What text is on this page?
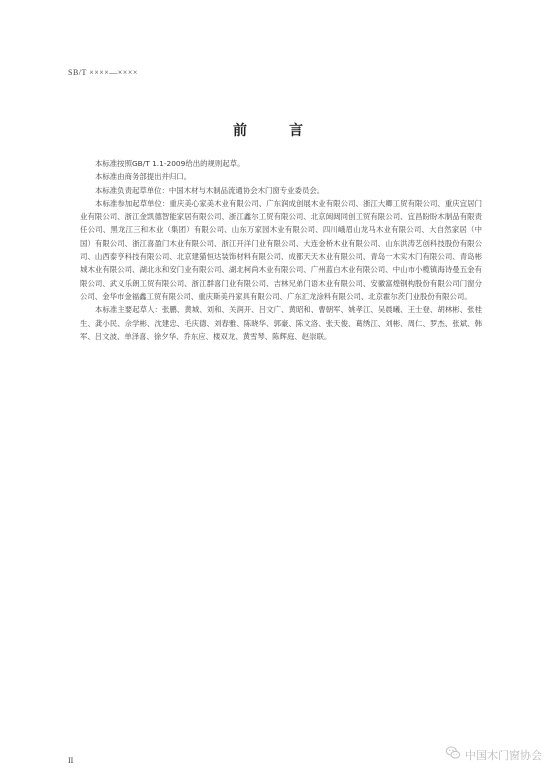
SB/T ××××—××××
前　言

本标准按照GB/T 1.1-2009给出的规则起草。

本标准由商务部提出并归口。

本标准负责起草单位：中国木材与木制品流通协会木门窗专业委员会。

本标准参加起草单位：重庆美心家美木业有限公司、广东润成创展木业有限公司、浙江大卿工贸有限公司、重庆宜居门业有限公司、浙江金凯德智能家居有限公司、浙江鑫尔工贸有限公司、北京闼闼同创工贸有限公司、宜昌盼盼木制品有限责任公司、黑龙江三和木业（集团）有限公司、山东万家园木业有限公司、四川峨眉山龙马木业有限公司、大自然家居（中国）有限公司、浙江喜盈门木业有限公司、浙江开洋门业有限公司、大连金桥木业有限公司、山东洪涛艺创科技股份有限公司、山西泰亨科技有限公司、北京建猫恒达装饰材料有限公司、成都天天木业有限公司、青岛一木实木门有限公司、青岛彬城木业有限公司、湖北永和安门业有限公司、湖北柯尚木业有限公司、广州蓝白木业有限公司、中山市小榄镇海诗曼五金有限公司、武义乐朗工贸有限公司、浙江群喜门业有限公司、吉林兄弟门语木业有限公司、安徽富煌钢构股份有限公司门窗分公司、金华市金福鑫工贸有限公司、重庆斯美丹家具有限公司、广东汇龙涂料有限公司、北京霍尔茨门业股份有限公司。

本标准主要起草人：张鹏、黄城、刘和、关润开、吕文广、黄昭和、曹朝军、姚孝江、吴晨曦、王士登、胡林彬、张桂生、龚小民、佘学彬、沈建忠、毛庆德、刘春雅、陈晓华、郭豪、陈文洛、张天俊、葛绣江、刘彬、周仁、罗杰、张斌、韩军、吕文波、单泽喜、徐夕华、乔东应、楼双龙、黄雪琴、陈辉庭、赵崇联。

II	中国木门窗协会
